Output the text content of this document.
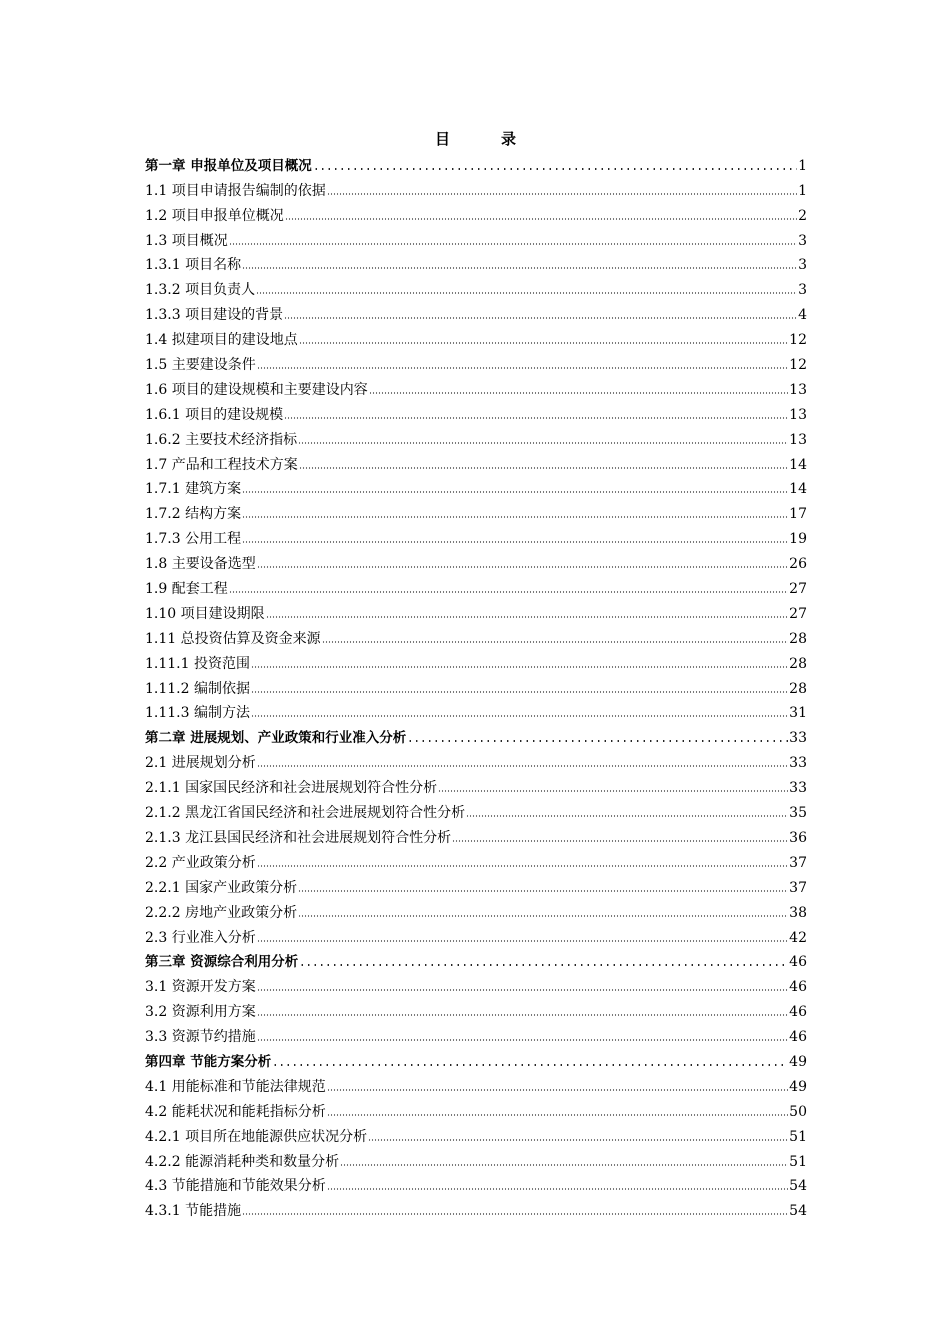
目	录
第一章 申报单位及项目概况	1
1.1 项目申请报告编制的依据	1
1.2 项目申报单位概况	2
1.3 项目概况	3
1.3.1 项目名称	3
1.3.2 项目负责人	3
1.3.3 项目建设的背景	4
1.4 拟建项目的建设地点	12
1.5 主要建设条件	12
1.6 项目的建设规模和主要建设内容	13
1.6.1 项目的建设规模	13
1.6.2 主要技术经济指标	13
1.7 产品和工程技术方案	14
1.7.1 建筑方案	14
1.7.2 结构方案	17
1.7.3 公用工程	19
1.8 主要设备选型	26
1.9 配套工程	27
1.10 项目建设期限	27
1.11 总投资估算及资金来源	28
1.11.1 投资范围	28
1.11.2 编制依据	28
1.11.3 编制方法	31
第二章 进展规划、产业政策和行业准入分析	33
2.1 进展规划分析	33
2.1.1 国家国民经济和社会进展规划符合性分析	33
2.1.2 黑龙江省国民经济和社会进展规划符合性分析	35
2.1.3 龙江县国民经济和社会进展规划符合性分析	36
2.2 产业政策分析	37
2.2.1 国家产业政策分析	37
2.2.2 房地产业政策分析	38
2.3 行业准入分析	42
第三章 资源综合利用分析	46
3.1 资源开发方案	46
3.2 资源利用方案	46
3.3 资源节约措施	46
第四章 节能方案分析	49
4.1 用能标准和节能法律规范	49
4.2 能耗状况和能耗指标分析	50
4.2.1 项目所在地能源供应状况分析	51
4.2.2 能源消耗种类和数量分析	51
4.3 节能措施和节能效果分析	54
4.3.1 节能措施	54
